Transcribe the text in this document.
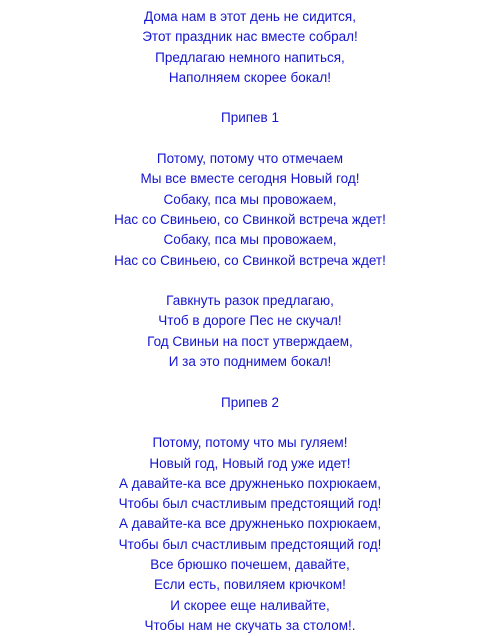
Дома нам в этот день не сидится,
Этот праздник нас вместе собрал!
Предлагаю немного напиться,
Наполняем скорее бокал!
Припев 1
Потому, потому что отмечаем
Мы все вместе сегодня Новый год!
Собаку, пса мы провожаем,
Нас со Свиньею, со Свинкой встреча ждет!
Собаку, пса мы провожаем,
Нас со Свиньею, со Свинкой встреча ждет!
Гавкнуть разок предлагаю,
Чтоб в дороге Пес не скучал!
Год Свиньи на пост утверждаем,
И за это поднимем бокал!
Припев 2
Потому, потому что мы гуляем!
Новый год, Новый год уже идет!
А давайте-ка все дружненько похрюкаем,
Чтобы был счастливым предстоящий год!
А давайте-ка все дружненько похрюкаем,
Чтобы был счастливым предстоящий год!
Все брюшко почешем, давайте,
Если есть, повиляем крючком!
И скорее еще наливайте,
Чтобы нам не скучать за столом!.
